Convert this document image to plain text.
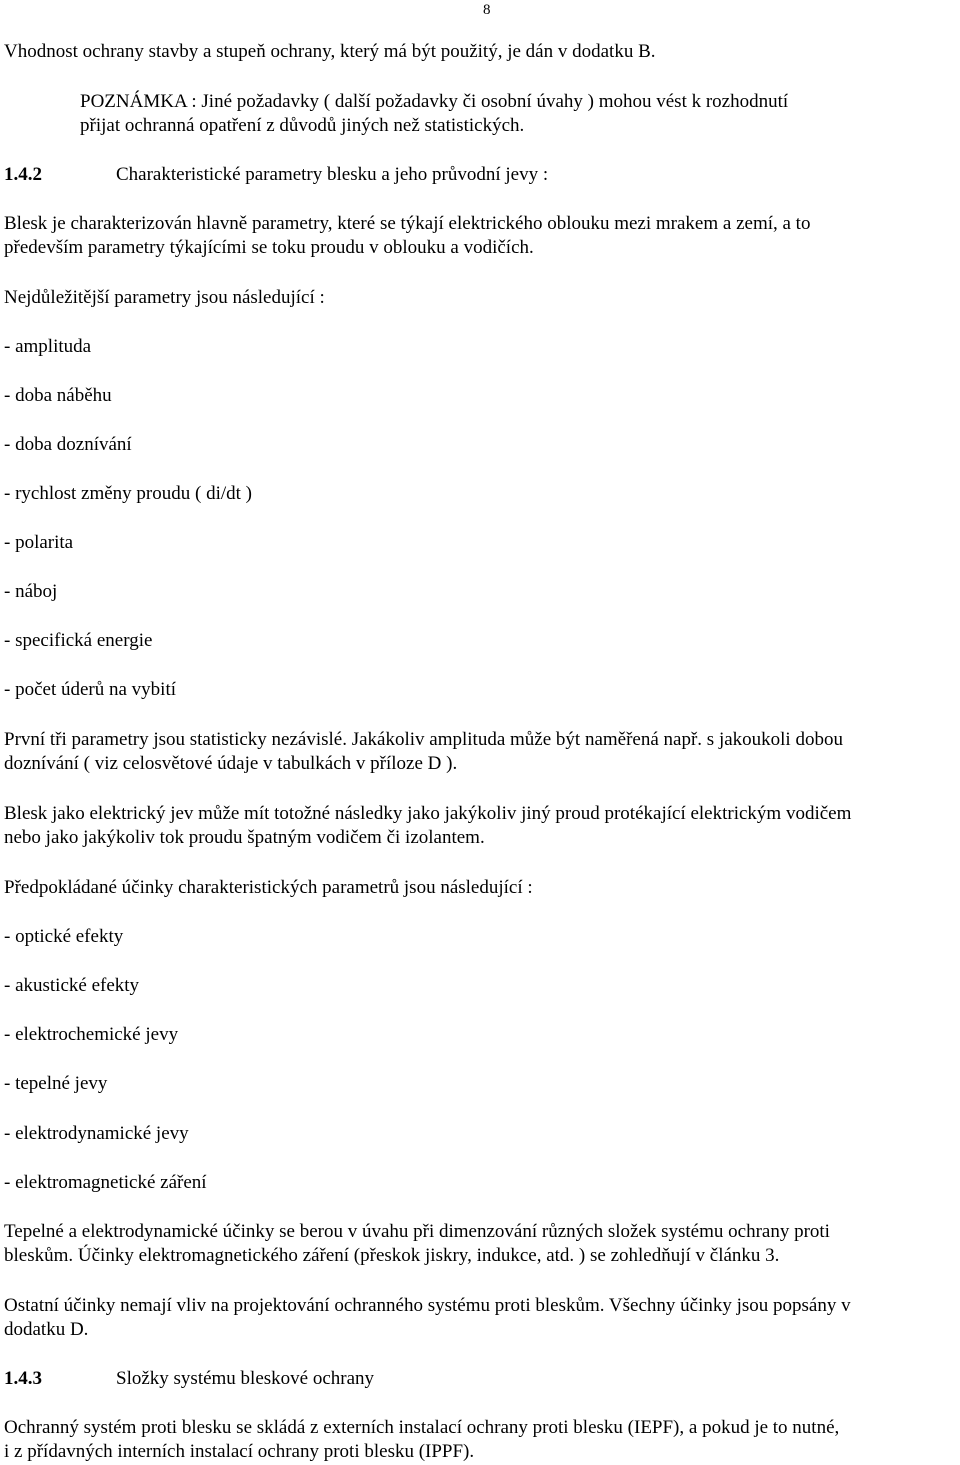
8
Vhodnost ochrany stavby a stupeň ochrany, který má být použitý, je dán v dodatku B.
POZNÁMKA : Jiné požadavky ( další požadavky či osobní úvahy ) mohou vést k rozhodnutí
přijat ochranná opatření z důvodů jiných než statistických.
1.4.2	Charakteristické parametry blesku a jeho průvodní jevy :
Blesk je charakterizován hlavně parametry, které se týkají elektrického oblouku mezi mrakem a zemí, a to
především parametry týkajícími se toku proudu v oblouku a vodičích.
Nejdůležitější parametry jsou následující :
- amplituda
- doba náběhu
- doba doznívání
- rychlost změny proudu ( di/dt )
- polarita
- náboj
- specifická energie
- počet úderů na vybití
První tři parametry jsou statisticky nezávislé. Jakákoliv amplituda může být naměřená např. s jakoukoli dobou
doznívání ( viz celosvětové údaje v tabulkách v příloze D ).
Blesk jako elektrický jev může mít totožné následky jako jakýkoliv jiný proud protékající elektrickým vodičem
nebo jako jakýkoliv tok proudu špatným vodičem či izolantem.
Předpokládané účinky charakteristických parametrů jsou následující :
- optické efekty
- akustické efekty
- elektrochemické jevy
- tepelné jevy
- elektrodynamické jevy
- elektromagnetické záření
Tepelné a elektrodynamické účinky se berou v úvahu při dimenzování různých složek systému ochrany proti
bleskům. Účinky elektromagnetického záření (přeskok jiskry, indukce, atd. ) se zohledňují v článku 3.
Ostatní účinky nemají vliv na projektování ochranného systému proti bleskům. Všechny účinky jsou popsány v
dodatku D.
1.4.3	Složky systému bleskové ochrany
Ochranný systém proti blesku se skládá z externích instalací ochrany proti blesku (IEPF), a pokud je to nutné,
i z přídavných interních instalací ochrany proti blesku (IPPF).
